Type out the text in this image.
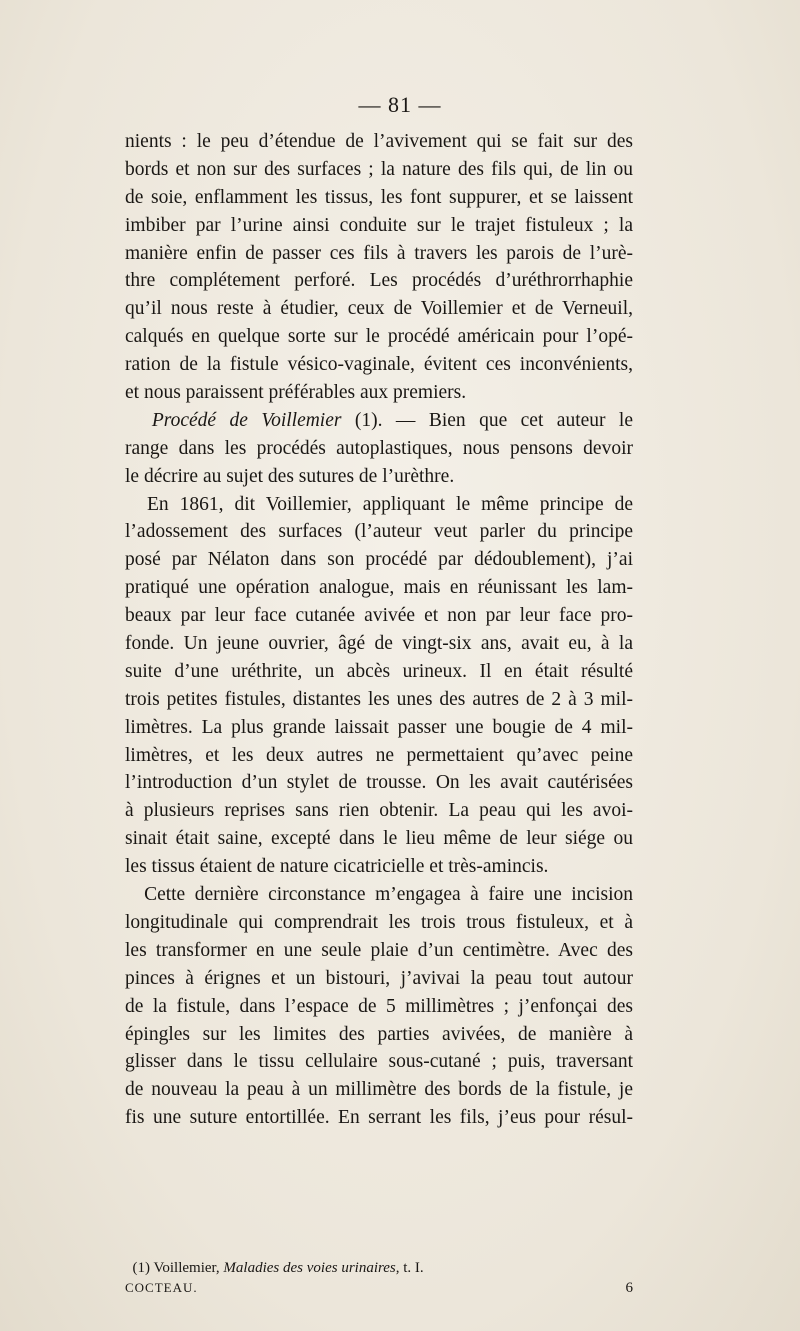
— 81 —
nients : le peu d’étendue de l’avivement qui se fait sur des
bords et non sur des surfaces ; la nature des fils qui, de lin ou
de soie, enflamment les tissus, les font suppurer, et se laissent
imbiber par l’urine ainsi conduite sur le trajet fistuleux ; la
manière enfin de passer ces fils à travers les parois de l’urè-
thre complétement perforé. Les procédés d’uréthrorrhaphie
qu’il nous reste à étudier, ceux de Voillemier et de Verneuil,
calqués en quelque sorte sur le procédé américain pour l’opé-
ration de la fistule vésico-vaginale, évitent ces inconvénients,
et nous paraissent préférables aux premiers.
Procédé de Voillemier (1). — Bien que cet auteur le
range dans les procédés autoplastiques, nous pensons devoir
le décrire au sujet des sutures de l’urèthre.
En 1861, dit Voillemier, appliquant le même principe de
l’adossement des surfaces (l’auteur veut parler du principe
posé par Nélaton dans son procédé par dédoublement), j’ai
pratiqué une opération analogue, mais en réunissant les lam-
beaux par leur face cutanée avivée et non par leur face pro-
fonde. Un jeune ouvrier, âgé de vingt-six ans, avait eu, à la
suite d’une uréthrite, un abcès urineux. Il en était résulté
trois petites fistules, distantes les unes des autres de 2 à 3 mil-
limètres. La plus grande laissait passer une bougie de 4 mil-
limètres, et les deux autres ne permettaient qu’avec peine
l’introduction d’un stylet de trousse. On les avait cautérisées
à plusieurs reprises sans rien obtenir. La peau qui les avoi-
sinait était saine, excepté dans le lieu même de leur siége ou
les tissus étaient de nature cicatricielle et très-amincis.
Cette dernière circonstance m’engagea à faire une incision
longitudinale qui comprendrait les trois trous fistuleux, et à
les transformer en une seule plaie d’un centimètre. Avec des
pinces à érignes et un bistouri, j’avivai la peau tout autour
de la fistule, dans l’espace de 5 millimètres ; j’enfonçai des
épingles sur les limites des parties avivées, de manière à
glisser dans le tissu cellulaire sous-cutané ; puis, traversant
de nouveau la peau à un millimètre des bords de la fistule, je
fis une suture entortillée. En serrant les fils, j’eus pour résul-
(1) Voillemier, Maladies des voies urinaires, t. I.
COCTEAU.	6
